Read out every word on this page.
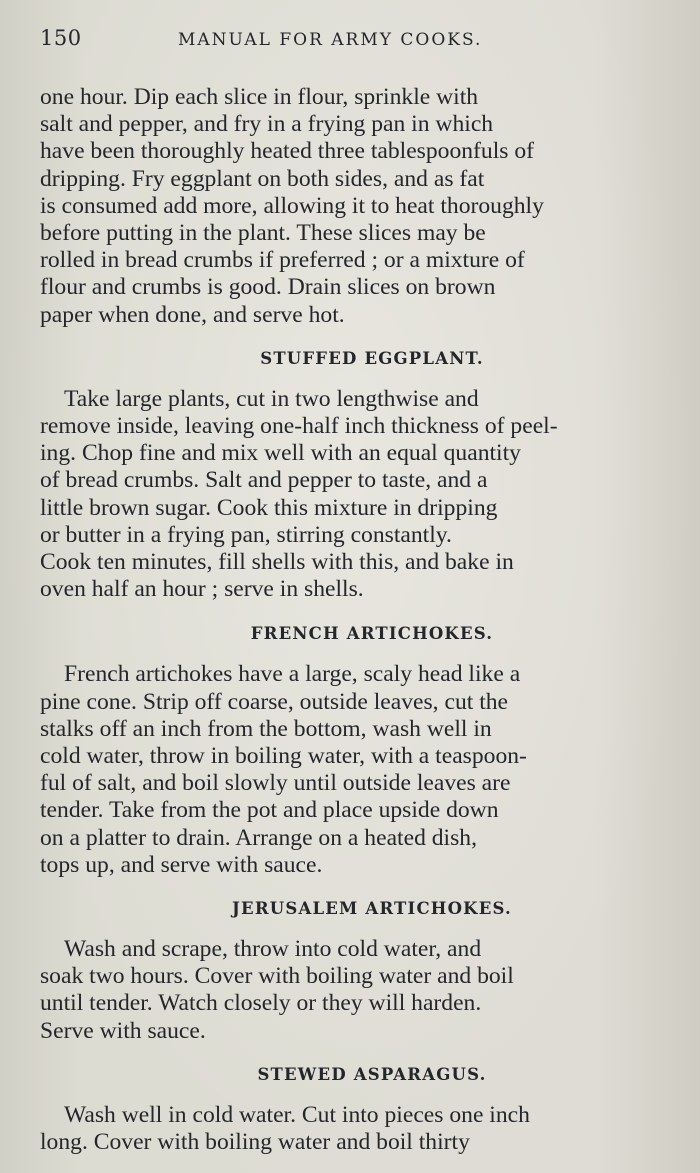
150	MANUAL FOR ARMY COOKS.

one hour. Dip each slice in flour, sprinkle with
salt and pepper, and fry in a frying pan in which
have been thoroughly heated three tablespoonfuls of
dripping. Fry eggplant on both sides, and as fat
is consumed add more, allowing it to heat thoroughly
before putting in the plant. These slices may be
rolled in bread crumbs if preferred ; or a mixture of
flour and crumbs is good. Drain slices on brown
paper when done, and serve hot.

STUFFED EGGPLANT.

Take large plants, cut in two lengthwise and
remove inside, leaving one-half inch thickness of peel-
ing. Chop fine and mix well with an equal quantity
of bread crumbs. Salt and pepper to taste, and a
little brown sugar. Cook this mixture in dripping
or butter in a frying pan, stirring constantly.
Cook ten minutes, fill shells with this, and bake in
oven half an hour ; serve in shells.

FRENCH ARTICHOKES.

French artichokes have a large, scaly head like a
pine cone. Strip off coarse, outside leaves, cut the
stalks off an inch from the bottom, wash well in
cold water, throw in boiling water, with a teaspoon-
ful of salt, and boil slowly until outside leaves are
tender. Take from the pot and place upside down
on a platter to drain. Arrange on a heated dish,
tops up, and serve with sauce.

JERUSALEM ARTICHOKES.

Wash and scrape, throw into cold water, and
soak two hours. Cover with boiling water and boil
until tender. Watch closely or they will harden.
Serve with sauce.

STEWED ASPARAGUS.

Wash well in cold water. Cut into pieces one inch
long. Cover with boiling water and boil thirty
